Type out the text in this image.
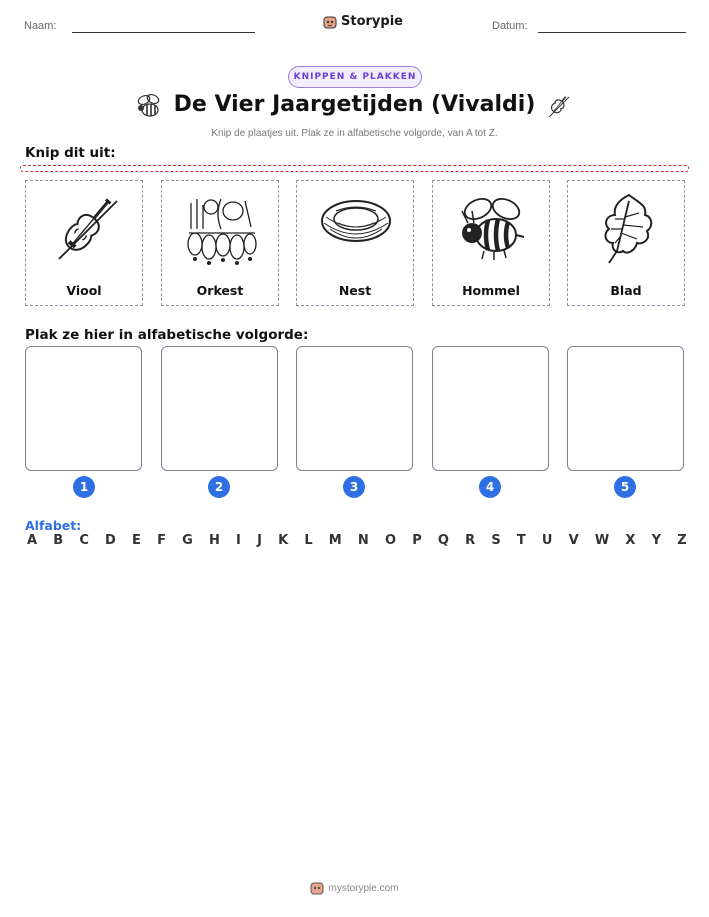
Naam:	Storypie	Datum:
KNIPPEN & PLAKKEN
De Vier Jaargetijden (Vivaldi)
Knip de plaatjes uit. Plak ze in alfabetische volgorde, van A tot Z.
Knip dit uit:
Viool	Orkest	Nest	Hommel	Blad
Plak ze hier in alfabetische volgorde:
1	2	3	4	5
Alfabet:
A B C D E F G H I J K L M N O P Q R S T U V W X Y Z
mystorypie.com
